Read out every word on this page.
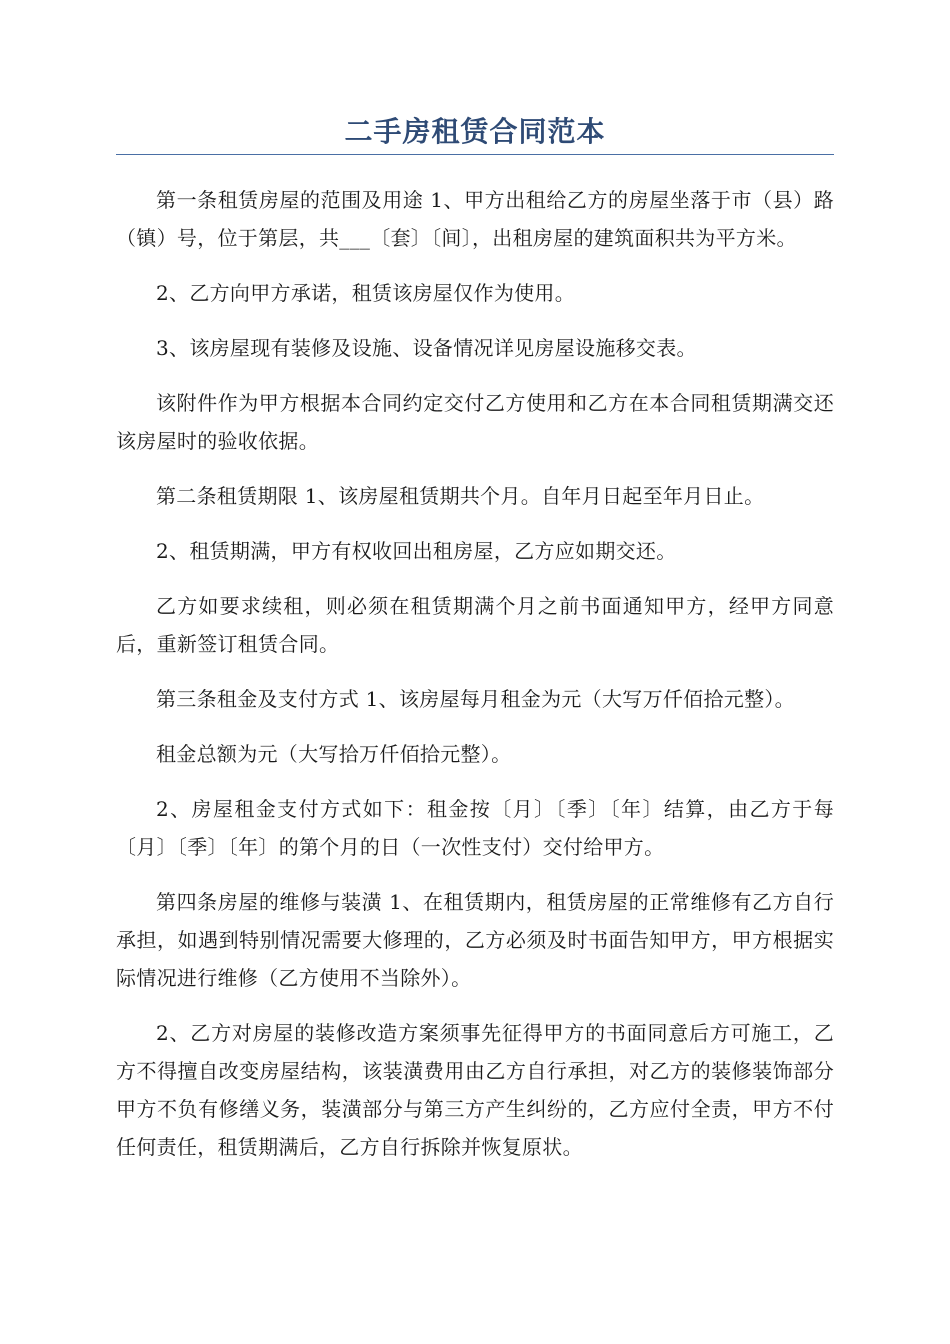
二手房租赁合同范本

第一条租赁房屋的范围及用途 1、甲方出租给乙方的房屋坐落于市（县）路（镇）号，位于第层，共___〔套〕〔间〕，出租房屋的建筑面积共为平方米。

2、乙方向甲方承诺，租赁该房屋仅作为使用。

3、该房屋现有装修及设施、设备情况详见房屋设施移交表。

该附件作为甲方根据本合同约定交付乙方使用和乙方在本合同租赁期满交还该房屋时的验收依据。

第二条租赁期限 1、该房屋租赁期共个月。自年月日起至年月日止。

2、租赁期满，甲方有权收回出租房屋，乙方应如期交还。

乙方如要求续租，则必须在租赁期满个月之前书面通知甲方，经甲方同意后，重新签订租赁合同。

第三条租金及支付方式 1、该房屋每月租金为元（大写万仟佰拾元整）。

租金总额为元（大写拾万仟佰拾元整）。

2、房屋租金支付方式如下：租金按〔月〕〔季〕〔年〕结算，由乙方于每〔月〕〔季〕〔年〕的第个月的日（一次性支付）交付给甲方。

第四条房屋的维修与装潢 1、在租赁期内，租赁房屋的正常维修有乙方自行承担，如遇到特别情况需要大修理的，乙方必须及时书面告知甲方，甲方根据实际情况进行维修（乙方使用不当除外）。

2、乙方对房屋的装修改造方案须事先征得甲方的书面同意后方可施工，乙方不得擅自改变房屋结构，该装潢费用由乙方自行承担，对乙方的装修装饰部分甲方不负有修缮义务，装潢部分与第三方产生纠纷的，乙方应付全责，甲方不付任何责任，租赁期满后，乙方自行拆除并恢复原状。
